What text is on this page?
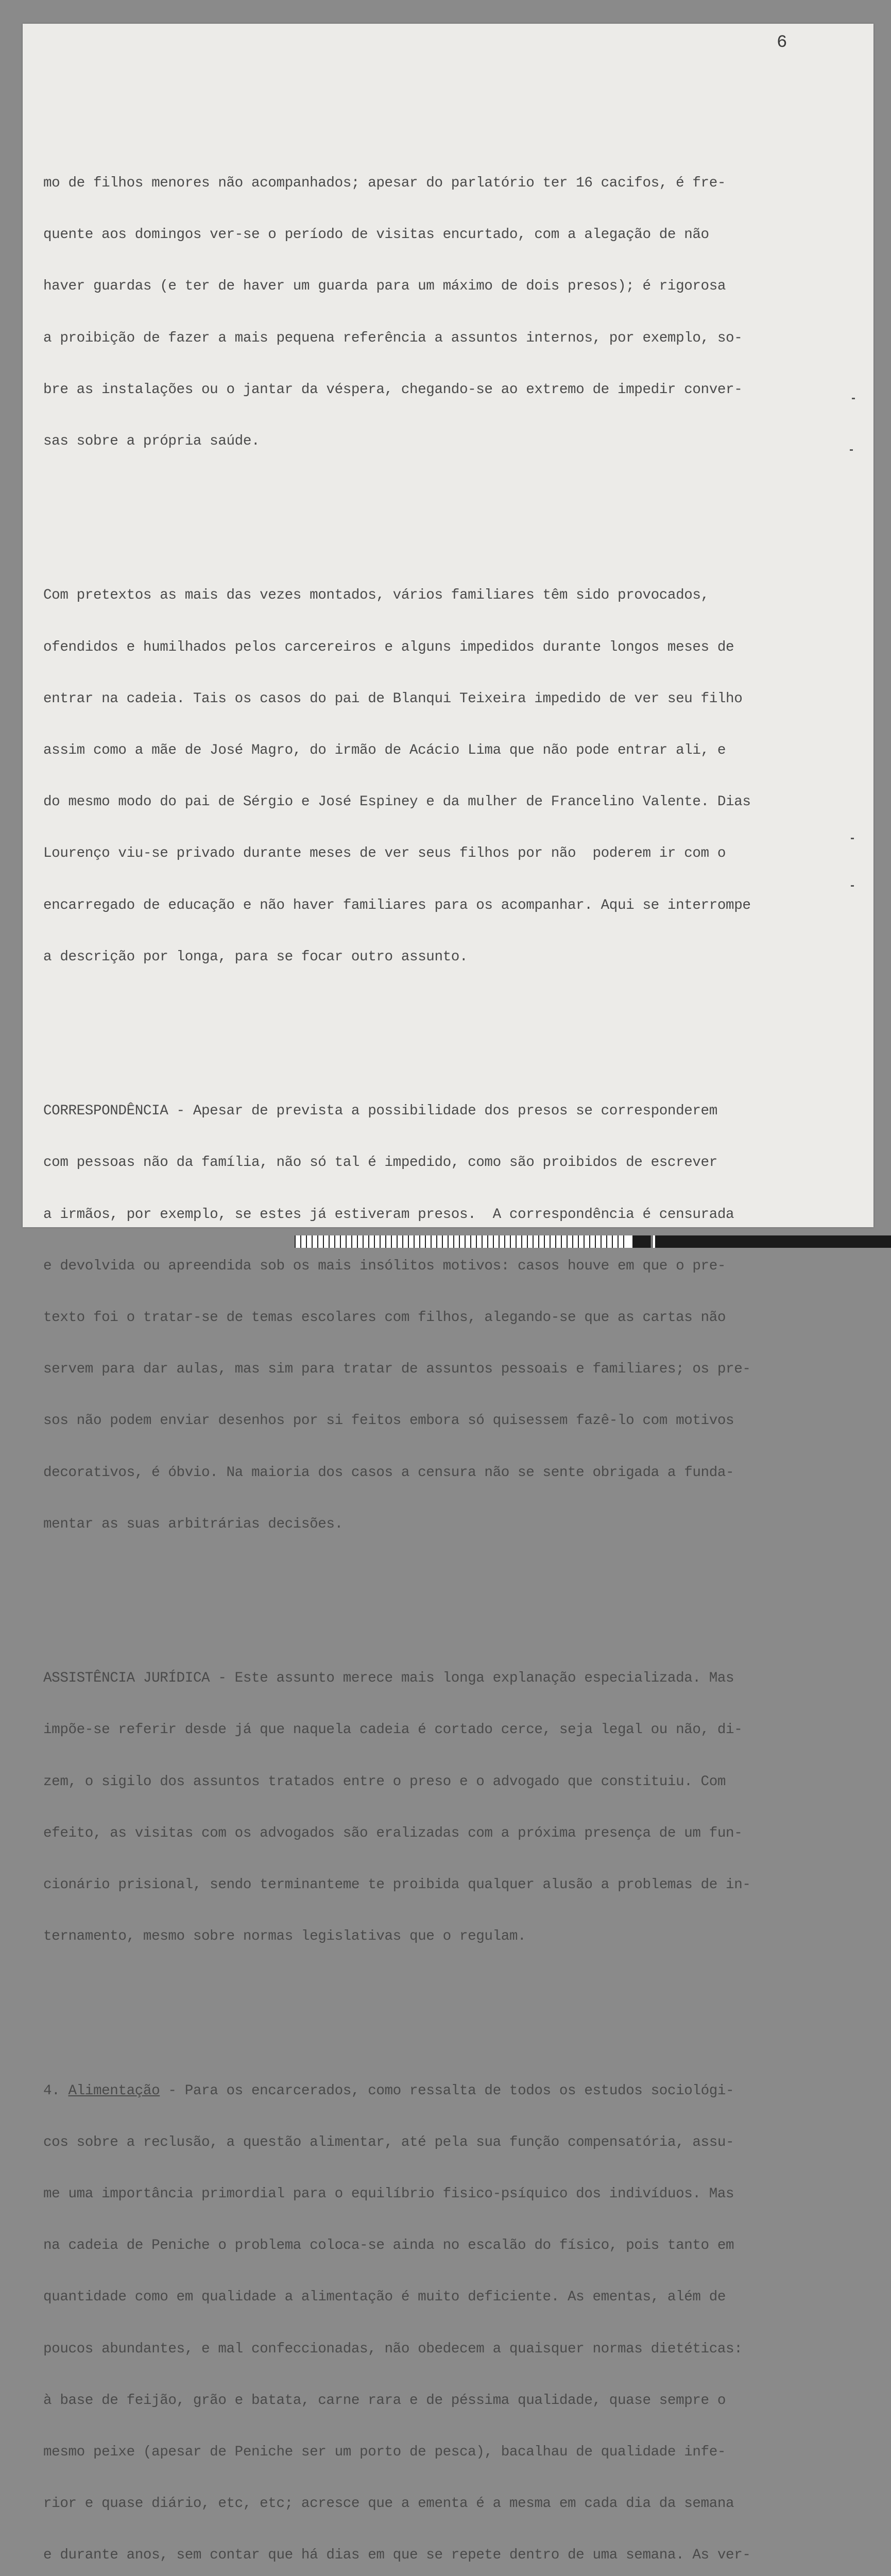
6

mo de filhos menores não acompanhados; apesar do parlatório ter 16 cacifos, é fre-

quente aos domingos ver-se o período de visitas encurtado, com a alegação de não

haver guardas (e ter de haver um guarda para um máximo de dois presos); é rigorosa

a proibição de fazer a mais pequena referência a assuntos internos, por exemplo, so-

bre as instalações ou o jantar da véspera, chegando-se ao extremo de impedir conver-

sas sobre a própria saúde.

Com pretextos as mais das vezes montados, vários familiares têm sido provocados,

ofendidos e humilhados pelos carcereiros e alguns impedidos durante longos meses de

entrar na cadeia. Tais os casos do pai de Blanqui Teixeira impedido de ver seu filho

assim como a mãe de José Magro, do irmão de Acácio Lima que não pode entrar ali, e

do mesmo modo do pai de Sérgio e José Espiney e da mulher de Francelino Valente. Dias

Lourenço viu-se privado durante meses de ver seus filhos por não  poderem ir com o

encarregado de educação e não haver familiares para os acompanhar. Aqui se interrompe

a descrição por longa, para se focar outro assunto.

CORRESPONDÊNCIA - Apesar de prevista a possibilidade dos presos se corresponderem

com pessoas não da família, não só tal é impedido, como são proibidos de escrever

a irmãos, por exemplo, se estes já estiveram presos.  A correspondência é censurada

e devolvida ou apreendida sob os mais insólitos motivos: casos houve em que o pre-

texto foi o tratar-se de temas escolares com filhos, alegando-se que as cartas não

servem para dar aulas, mas sim para tratar de assuntos pessoais e familiares; os pre-

sos não podem enviar desenhos por si feitos embora só quisessem fazê-lo com motivos

decorativos, é óbvio. Na maioria dos casos a censura não se sente obrigada a funda-

mentar as suas arbitrárias decisões.

ASSISTÊNCIA JURÍDICA - Este assunto merece mais longa explanação especializada. Mas

impõe-se referir desde já que naquela cadeia é cortado cerce, seja legal ou não, di-

zem, o sigilo dos assuntos tratados entre o preso e o advogado que constituiu. Com

efeito, as visitas com os advogados são eralizadas com a próxima presença de um fun-

cionário prisional, sendo terminanteme te proibida qualquer alusão a problemas de in-

ternamento, mesmo sobre normas legislativas que o regulam.

4. Alimentação - Para os encarcerados, como ressalta de todos os estudos sociológi-

cos sobre a reclusão, a questão alimentar, até pela sua função compensatória, assu-

me uma importância primordial para o equilíbrio fisico-psíquico dos indivíduos. Mas

na cadeia de Peniche o problema coloca-se ainda no escalão do físico, pois tanto em

quantidade como em qualidade a alimentação é muito deficiente. As ementas, além de

poucos abundantes, e mal confeccionadas, não obedecem a quaisquer normas dietéticas:

à base de feijão, grão e batata, carne rara e de péssima qualidade, quase sempre o

mesmo peixe (apesar de Peniche ser um porto de pesca), bacalhau de qualidade infe-

rior e quase diário, etc, etc; acresce que a ementa é a mesma em cada dia da semana

e durante anos, sem contar que há dias em que se repete dentro de uma semana. As ver-
